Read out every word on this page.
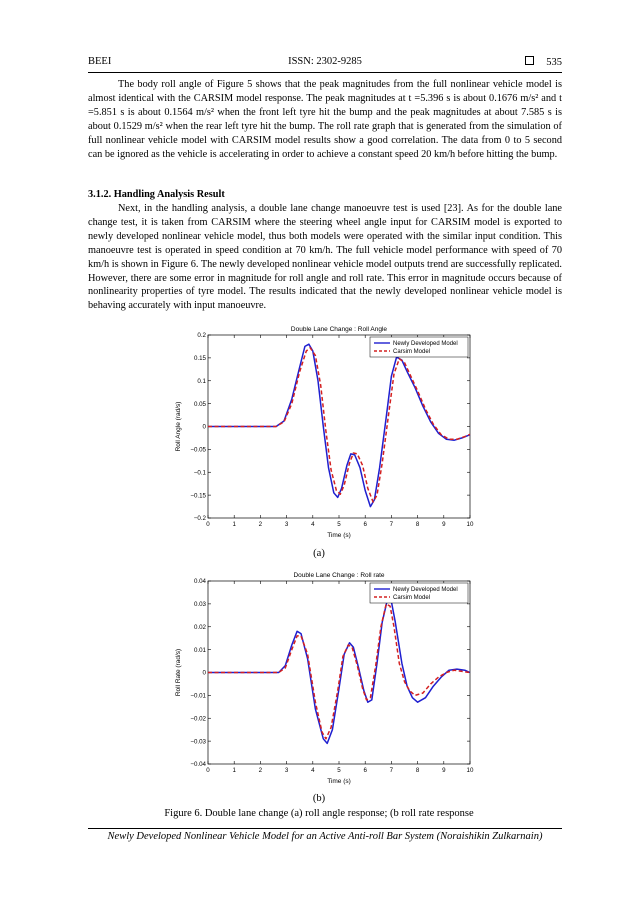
BEEI	ISSN: 2302-9285	535

The body roll angle of Figure 5 shows that the peak magnitudes from the full nonlinear vehicle model is almost identical with the CARSIM model response. The peak magnitudes at t =5.396 s is about 0.1676 m/s² and t =5.851 s is about 0.1564 m/s² when the front left tyre hit the bump and the peak magnitudes at about 7.585 s is about 0.1529 m/s² when the rear left tyre hit the bump. The roll rate graph that is generated from the simulation of full nonlinear vehicle model with CARSIM model results show a good correlation. The data from 0 to 5 second can be ignored as the vehicle is accelerating in order to achieve a constant speed 20 km/h before hitting the bump.

3.1.2. Handling Analysis Result

Next, in the handling analysis, a double lane change manoeuvre test is used [23]. As for the double lane change test, it is taken from CARSIM where the steering wheel angle input for CARSIM model is exported to newly developed nonlinear vehicle model, thus both models were operated with the similar input condition. This manoeuvre test is operated in speed condition at 70 km/h. The full vehicle model performance with speed of 70 km/h is shown in Figure 6. The newly developed nonlinear vehicle model outputs trend are successfully replicated. However, there are some error in magnitude for roll angle and roll rate. This error in magnitude occurs because of nonlinearity properties of tyre model. The results indicated that the newly developed nonlinear vehicle model is behaving accurately with input manoeuvre.

Double Lane Change : Roll Angle
0	1	2	3	4	5	6	7	8	9	10
−0.2
−0.15
−0.1
−0.05
0
0.05
0.1
0.15
0.2
Time (s)
Roll Angle (rad/s)
Newly Developed Model
Carsim Model
(a)
Double Lane Change : Roll rate
0	1	2	3	4	5	6	7	8	9	10
−0.04
−0.03
−0.02
−0.01
0
0.01
0.02
0.03
0.04
Time (s)
Roll Rate (rad/s)
Newly Developed Model
Carsim Model
(b)
Figure 6. Double lane change (a) roll angle response; (b roll rate response
Newly Developed Nonlinear Vehicle Model for an Active Anti-roll Bar System (Noraishikin Zulkarnain)
